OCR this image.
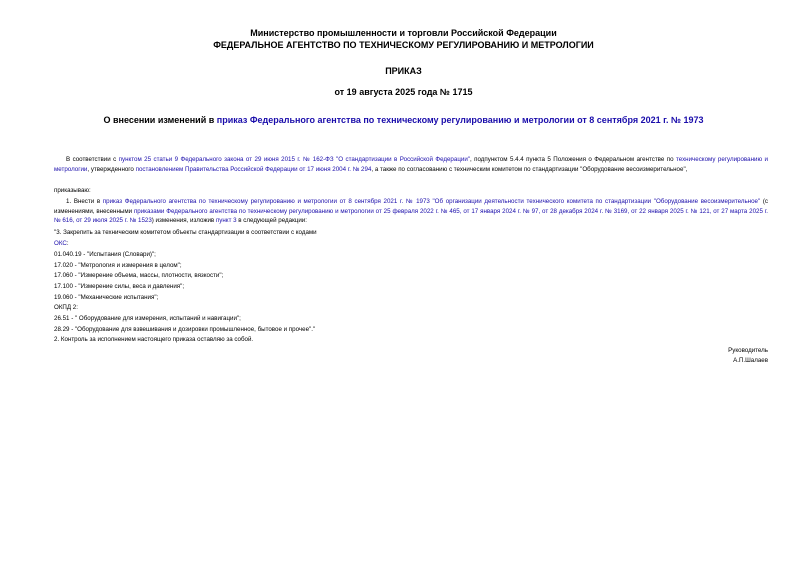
Министерство промышленности и торговли Российской Федерации
ФЕДЕРАЛЬНОЕ АГЕНТСТВО ПО ТЕХНИЧЕСКОМУ РЕГУЛИРОВАНИЮ И МЕТРОЛОГИИ
ПРИКАЗ
от 19 августа 2025 года № 1715
О внесении изменений в приказ Федерального агентства по техническому регулированию и метрологии от 8 сентября 2021 г. № 1973
В соответствии с пунктом 25 статьи 9 Федерального закона от 29 июня 2015 г. № 162-ФЗ "О стандартизации в Российской Федерации", подпунктом 5.4.4 пункта 5 Положения о Федеральном агентстве по техническому регулированию и метрологии, утвержденного постановлением Правительства Российской Федерации от 17 июня 2004 г. № 294, а также по согласованию с техническим комитетом по стандартизации "Оборудование весоизмерительное",
приказываю:
1. Внести в приказ Федерального агентства по техническому регулированию и метрологии от 8 сентября 2021 г. № 1973 "Об организации деятельности технического комитета по стандартизации "Оборудование весоизмерительное" (с изменениями, внесенными приказами Федерального агентства по техническому регулированию и метрологии от 25 февраля 2022 г. № 465, от 17 января 2024 г. № 97, от 28 декабря 2024 г. № 3169, от 22 января 2025 г. № 121, от 27 марта 2025 г. № 616, от 29 июля 2025 г. № 1523) изменения, изложив пункт 3 в следующей редакции:
"3. Закрепить за техническим комитетом объекты стандартизации в соответствии с кодами
ОКС:
01.040.19 - "Испытания (Словари)";
17.020 - "Метрология и измерения в целом";
17.060 - "Измерение объема, массы, плотности, вязкости";
17.100 - "Измерение силы, веса и давления";
19.060 - "Механические испытания";
ОКПД 2:
26.51 - " Оборудование для измерения, испытаний и навигации";
28.29 - "Оборудование для взвешивания и дозировки промышленное, бытовое и прочее"."
2. Контроль за исполнением настоящего приказа оставляю за собой.
Руководитель
А.П.Шалаев
